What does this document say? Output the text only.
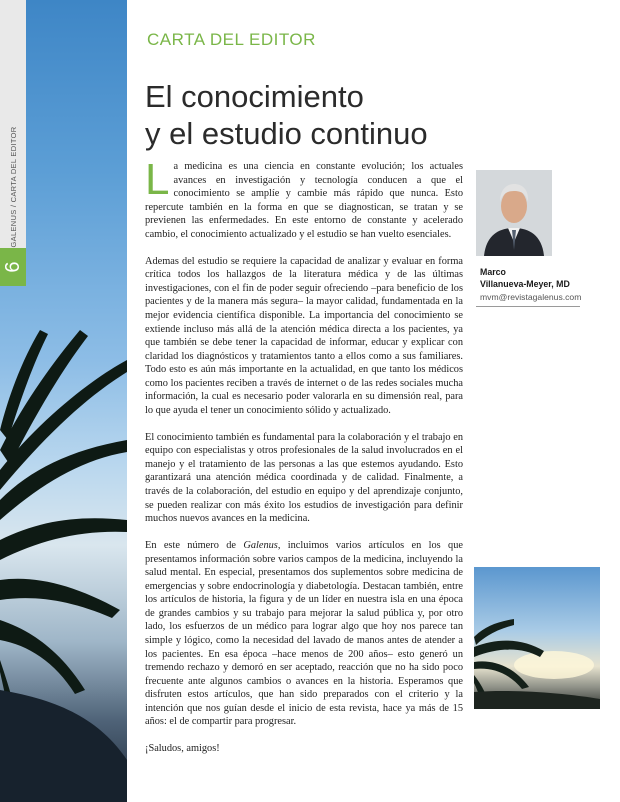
GALENUS / CARTA DEL EDITOR
6
CARTA DEL EDITOR
El conocimiento
y el estudio continuo

La medicina es una ciencia en constante evolución; los actuales avances en investigación y tecnología conducen a que el conocimiento se amplíe y cambie más rápido que nunca. Esto repercute también en la forma en que se diagnostican, se tratan y se previenen las enfermedades. En este entorno de constante y acelerado cambio, el conocimiento actualizado y el estudio se han vuelto esenciales.

Ademas del estudio se requiere la capacidad de analizar y evaluar en forma crítica todos los hallazgos de la literatura médica y de las últimas investigaciones, con el fin de poder seguir ofreciendo –para beneficio de los pacientes y de la manera más segura– la mayor calidad, fundamentada en la mejor evidencia científica disponible. La importancia del conocimiento se extiende incluso más allá de la atención médica directa a los pacientes, ya que también se debe tener la capacidad de informar, educar y explicar con claridad los diagnósticos y tratamientos tanto a ellos como a sus familiares. Todo esto es aún más importante en la actualidad, en que tanto los médicos como los pacientes reciben a través de internet o de las redes sociales mucha información, la cual es necesario poder valorarla en su dimensión real, para lo que ayuda el tener un conocimiento sólido y actualizado.

El conocimiento también es fundamental para la colaboración y el trabajo en equipo con especialistas y otros profesionales de la salud involucrados en el manejo y el tratamiento de las personas a las que estemos ayudando. Esto garantizará una atención médica coordinada y de calidad. Finalmente, a través de la colaboración, del estudio en equipo y del aprendizaje conjunto, se pueden realizar con más éxito los estudios de investigación para definir muchos nuevos avances en la medicina.

En este número de Galenus, incluimos varios artículos en los que presentamos información sobre varios campos de la medicina, incluyendo la salud mental. En especial, presentamos dos suplementos sobre medicina de emergencias y sobre endocrinología y diabetología. Destacan también, entre los artículos de historia, la figura y de un líder en nuestra isla en una época de grandes cambios y su trabajo para mejorar la salud pública y, por otro lado, los esfuerzos de un médico para lograr algo que hoy nos parece tan simple y lógico, como la necesidad del lavado de manos antes de atender a los pacientes. En esa época –hace menos de 200 años– esto generó un tremendo rechazo y demoró en ser aceptado, reacción que no ha sido poco frecuente ante algunos cambios o avances en la historia. Esperamos que disfruten estos artículos, que han sido preparados con el criterio y la intención que nos guían desde el inicio de esta revista, hace ya más de 15 años: el de compartir para progresar.

¡Saludos, amigos!

Marco
Villanueva-Meyer, MD
mvm@revistagalenus.com
